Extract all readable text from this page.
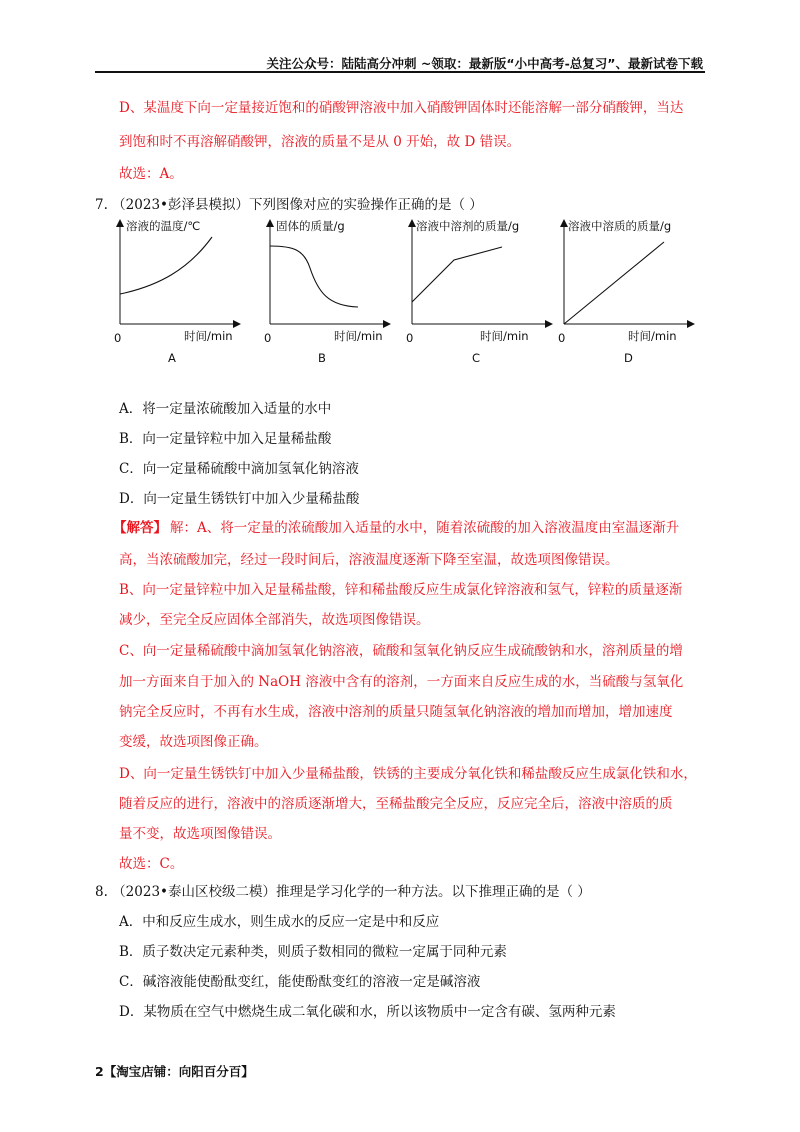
关注公众号：陆陆高分冲刺 ~领取：最新版“小中高考-总复习”、最新试卷下载
D、某温度下向一定量接近饱和的硝酸钾溶液中加入硝酸钾固体时还能溶解一部分硝酸钾，当达
到饱和时不再溶解硝酸钾，溶液的质量不是从 0 开始，故 D 错误。
故选：A。
7. （2023•彭泽县模拟）下列图像对应的实验操作正确的是（ ）
溶液的温度/℃
时间/min
0
A
固体的质量/g
时间/min
0
B
溶液中溶剂的质量/g
时间/min
0
C
溶液中溶质的质量/g
时间/min
0
D
A．将一定量浓硫酸加入适量的水中
B．向一定量锌粒中加入足量稀盐酸
C．向一定量稀硫酸中滴加氢氧化钠溶液
D．向一定量生锈铁钉中加入少量稀盐酸
【解答】 解：A、将一定量的浓硫酸加入适量的水中，随着浓硫酸的加入溶液温度由室温逐渐升
高，当浓硫酸加完，经过一段时间后，溶液温度逐渐下降至室温，故选项图像错误。
B、向一定量锌粒中加入足量稀盐酸，锌和稀盐酸反应生成氯化锌溶液和氢气，锌粒的质量逐渐
减少，至完全反应固体全部消失，故选项图像错误。
C、向一定量稀硫酸中滴加氢氧化钠溶液，硫酸和氢氧化钠反应生成硫酸钠和水，溶剂质量的增
加一方面来自于加入的 NaOH 溶液中含有的溶剂，一方面来自反应生成的水，当硫酸与氢氧化
钠完全反应时，不再有水生成，溶液中溶剂的质量只随氢氧化钠溶液的增加而增加，增加速度
变缓，故选项图像正确。
D、向一定量生锈铁钉中加入少量稀盐酸，铁锈的主要成分氧化铁和稀盐酸反应生成氯化铁和水，
随着反应的进行，溶液中的溶质逐渐增大，至稀盐酸完全反应，反应完全后，溶液中溶质的质
量不变，故选项图像错误。
故选：C。
8. （2023•泰山区校级二模）推理是学习化学的一种方法。以下推理正确的是（ ）
A．中和反应生成水，则生成水的反应一定是中和反应
B．质子数决定元素种类，则质子数相同的微粒一定属于同种元素
C．碱溶液能使酚酞变红，能使酚酞变红的溶液一定是碱溶液
D．某物质在空气中燃烧生成二氧化碳和水，所以该物质中一定含有碳、氢两种元素
2【淘宝店铺：向阳百分百】
